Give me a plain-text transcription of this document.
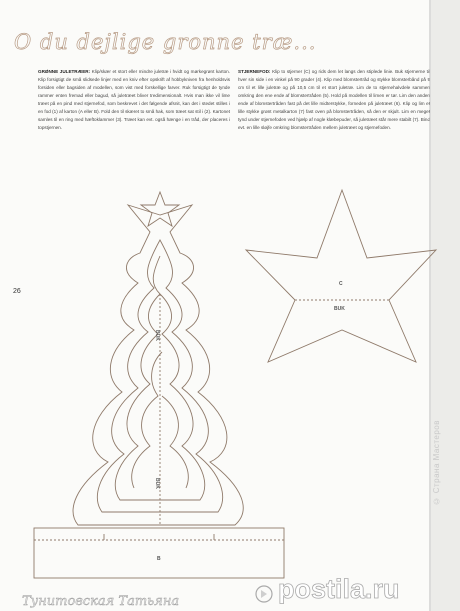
O du dejlige gronne træ...
GRØNNE JULETRÆER: Klip/skær et stort eller mindre juletræ i hvidt og mørkegrønt karton. Klip forsigtigt de små slidsede linjer med en kniv efter opskrift af hobbykniven fra henholdsvis forsiden eller bagsiden af modellen, som vist med forskellige farver. Ruk forsigtigt de tynde rammer enten fremad eller bagud, så juletræet bliver tredimensionalt. Hvis man ikke vil lime træet på en pind med stjernefod, som beskrevet i det følgende afsnit, kan det i stedet stilles i en fod (1) af karton (A eller B). Fold den til skæret to små hak, som træet sat stil i (2). Kartonet samles til en ring med hæftoklammer (3). Træet kan evt. også hænge i en tråd, der placeres i topstjernen.
STJERNEFOD: Klip to stjerner (C) og rids dem let langs den stiplede linie. Buk stjernerne til hver sin side i en vinkel på 90 grader (4). Klip med blomstertråd og stykke blomsterbånd på 9 cm til et lille juletræ og på 10,5 cm til et stort juletræ. Lim de to stjernehalvdele sammen omkring den ene ende af blomstertråden (5). Hold på modellen til limen er tør. Lim den anden ende af blomstertråden fast på det lille midterstykke, forneden på juletræet (6). Klip og lim et lille stykke grønt metalkarton (7) fast oven på blomstertråden, så den er skjult. Lim en meget tynd under stjernefoden ved hjælp af nogle klæbepuder, så juletræet står mere stabilt (7). Bind evt. en lille sløjfe omkring blomstertråden mellem juletræet og stjernefoden.
26
BUK
BUK
B
C
BUK
© Страна Мастеров
postila.ru
Тунитовская Татьяна
